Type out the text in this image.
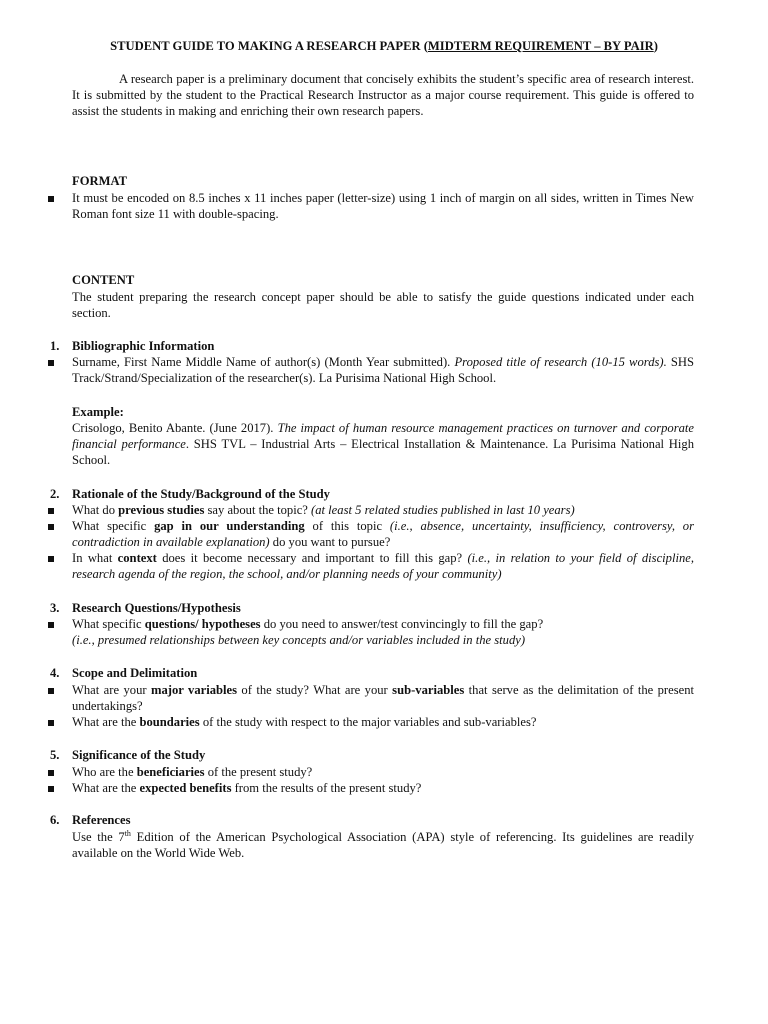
STUDENT GUIDE TO MAKING A RESEARCH PAPER (MIDTERM REQUIREMENT – BY PAIR)
A research paper is a preliminary document that concisely exhibits the student’s specific area of research interest. It is submitted by the student to the Practical Research Instructor as a major course requirement. This guide is offered to assist the students in making and enriching their own research papers.
FORMAT
It must be encoded on 8.5 inches x 11 inches paper (letter-size) using 1 inch of margin on all sides, written in Times New Roman font size 11 with double-spacing.
CONTENT
The student preparing the research concept paper should be able to satisfy the guide questions indicated under each section.
1. Bibliographic Information
Surname, First Name Middle Name of author(s) (Month Year submitted). Proposed title of research (10-15 words). SHS Track/Strand/Specialization of the researcher(s). La Purisima National High School.
Example:
Crisologo, Benito Abante. (June 2017). The impact of human resource management practices on turnover and corporate financial performance. SHS TVL – Industrial Arts – Electrical Installation & Maintenance. La Purisima National High School.
2. Rationale of the Study/Background of the Study
What do previous studies say about the topic? (at least 5 related studies published in last 10 years)
What specific gap in our understanding of this topic (i.e., absence, uncertainty, insufficiency, controversy, or contradiction in available explanation) do you want to pursue?
In what context does it become necessary and important to fill this gap? (i.e., in relation to your field of discipline, research agenda of the region, the school, and/or planning needs of your community)
3. Research Questions/Hypothesis
What specific questions/ hypotheses do you need to answer/test convincingly to fill the gap?
(i.e., presumed relationships between key concepts and/or variables included in the study)
4. Scope and Delimitation
What are your major variables of the study? What are your sub-variables that serve as the delimitation of the present undertakings?
What are the boundaries of the study with respect to the major variables and sub-variables?
5. Significance of the Study
Who are the beneficiaries of the present study?
What are the expected benefits from the results of the present study?
6. References
Use the 7th Edition of the American Psychological Association (APA) style of referencing. Its guidelines are readily available on the World Wide Web.
